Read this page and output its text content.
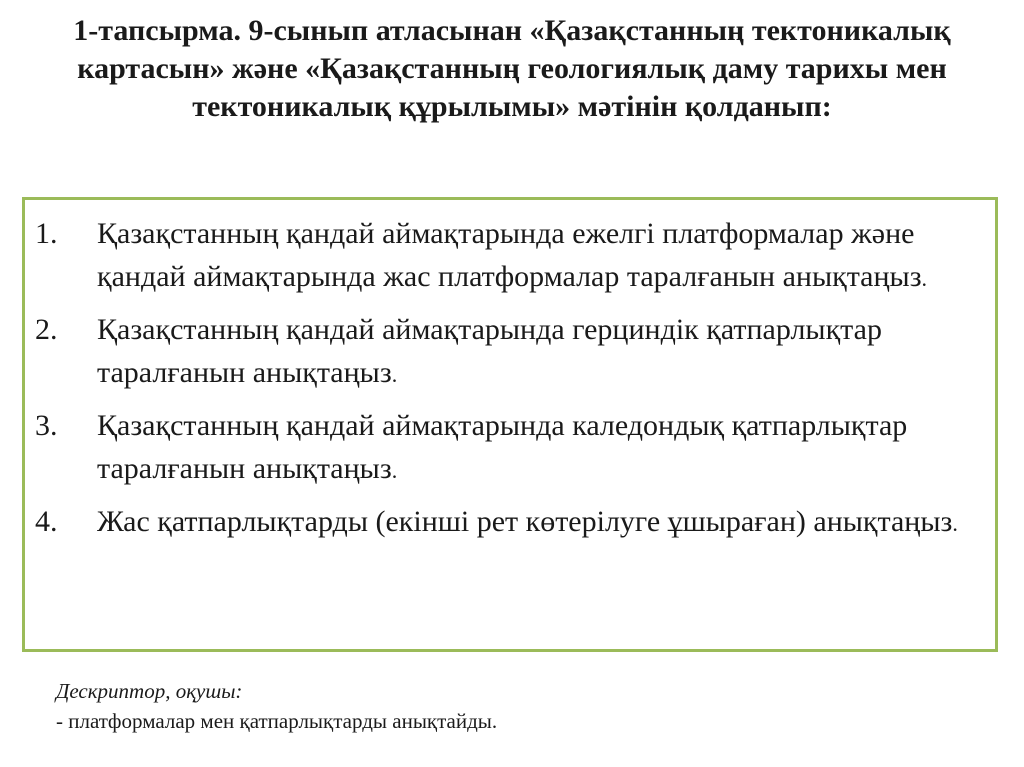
1-тапсырма. 9-сынып атласынан «Қазақстанның тектоникалық картасын» және «Қазақстанның геологиялық даму тарихы мен тектоникалық құрылымы» мәтінін қолданып:
1.	Қазақстанның қандай аймақтарында ежелгі платформалар және қандай аймақтарында жас платформалар таралғанын анықтаңыз.
2.	Қазақстанның қандай аймақтарында герциндік қатпарлықтар таралғанын анықтаңыз.
3.	Қазақстанның қандай аймақтарында каледондық қатпарлықтар таралғанын анықтаңыз.
4.	Жас қатпарлықтарды (екінші рет көтерілуге ұшыраған) анықтаңыз.
Дескриптор, оқушы:
- платформалар мен қатпарлықтарды анықтайды.
